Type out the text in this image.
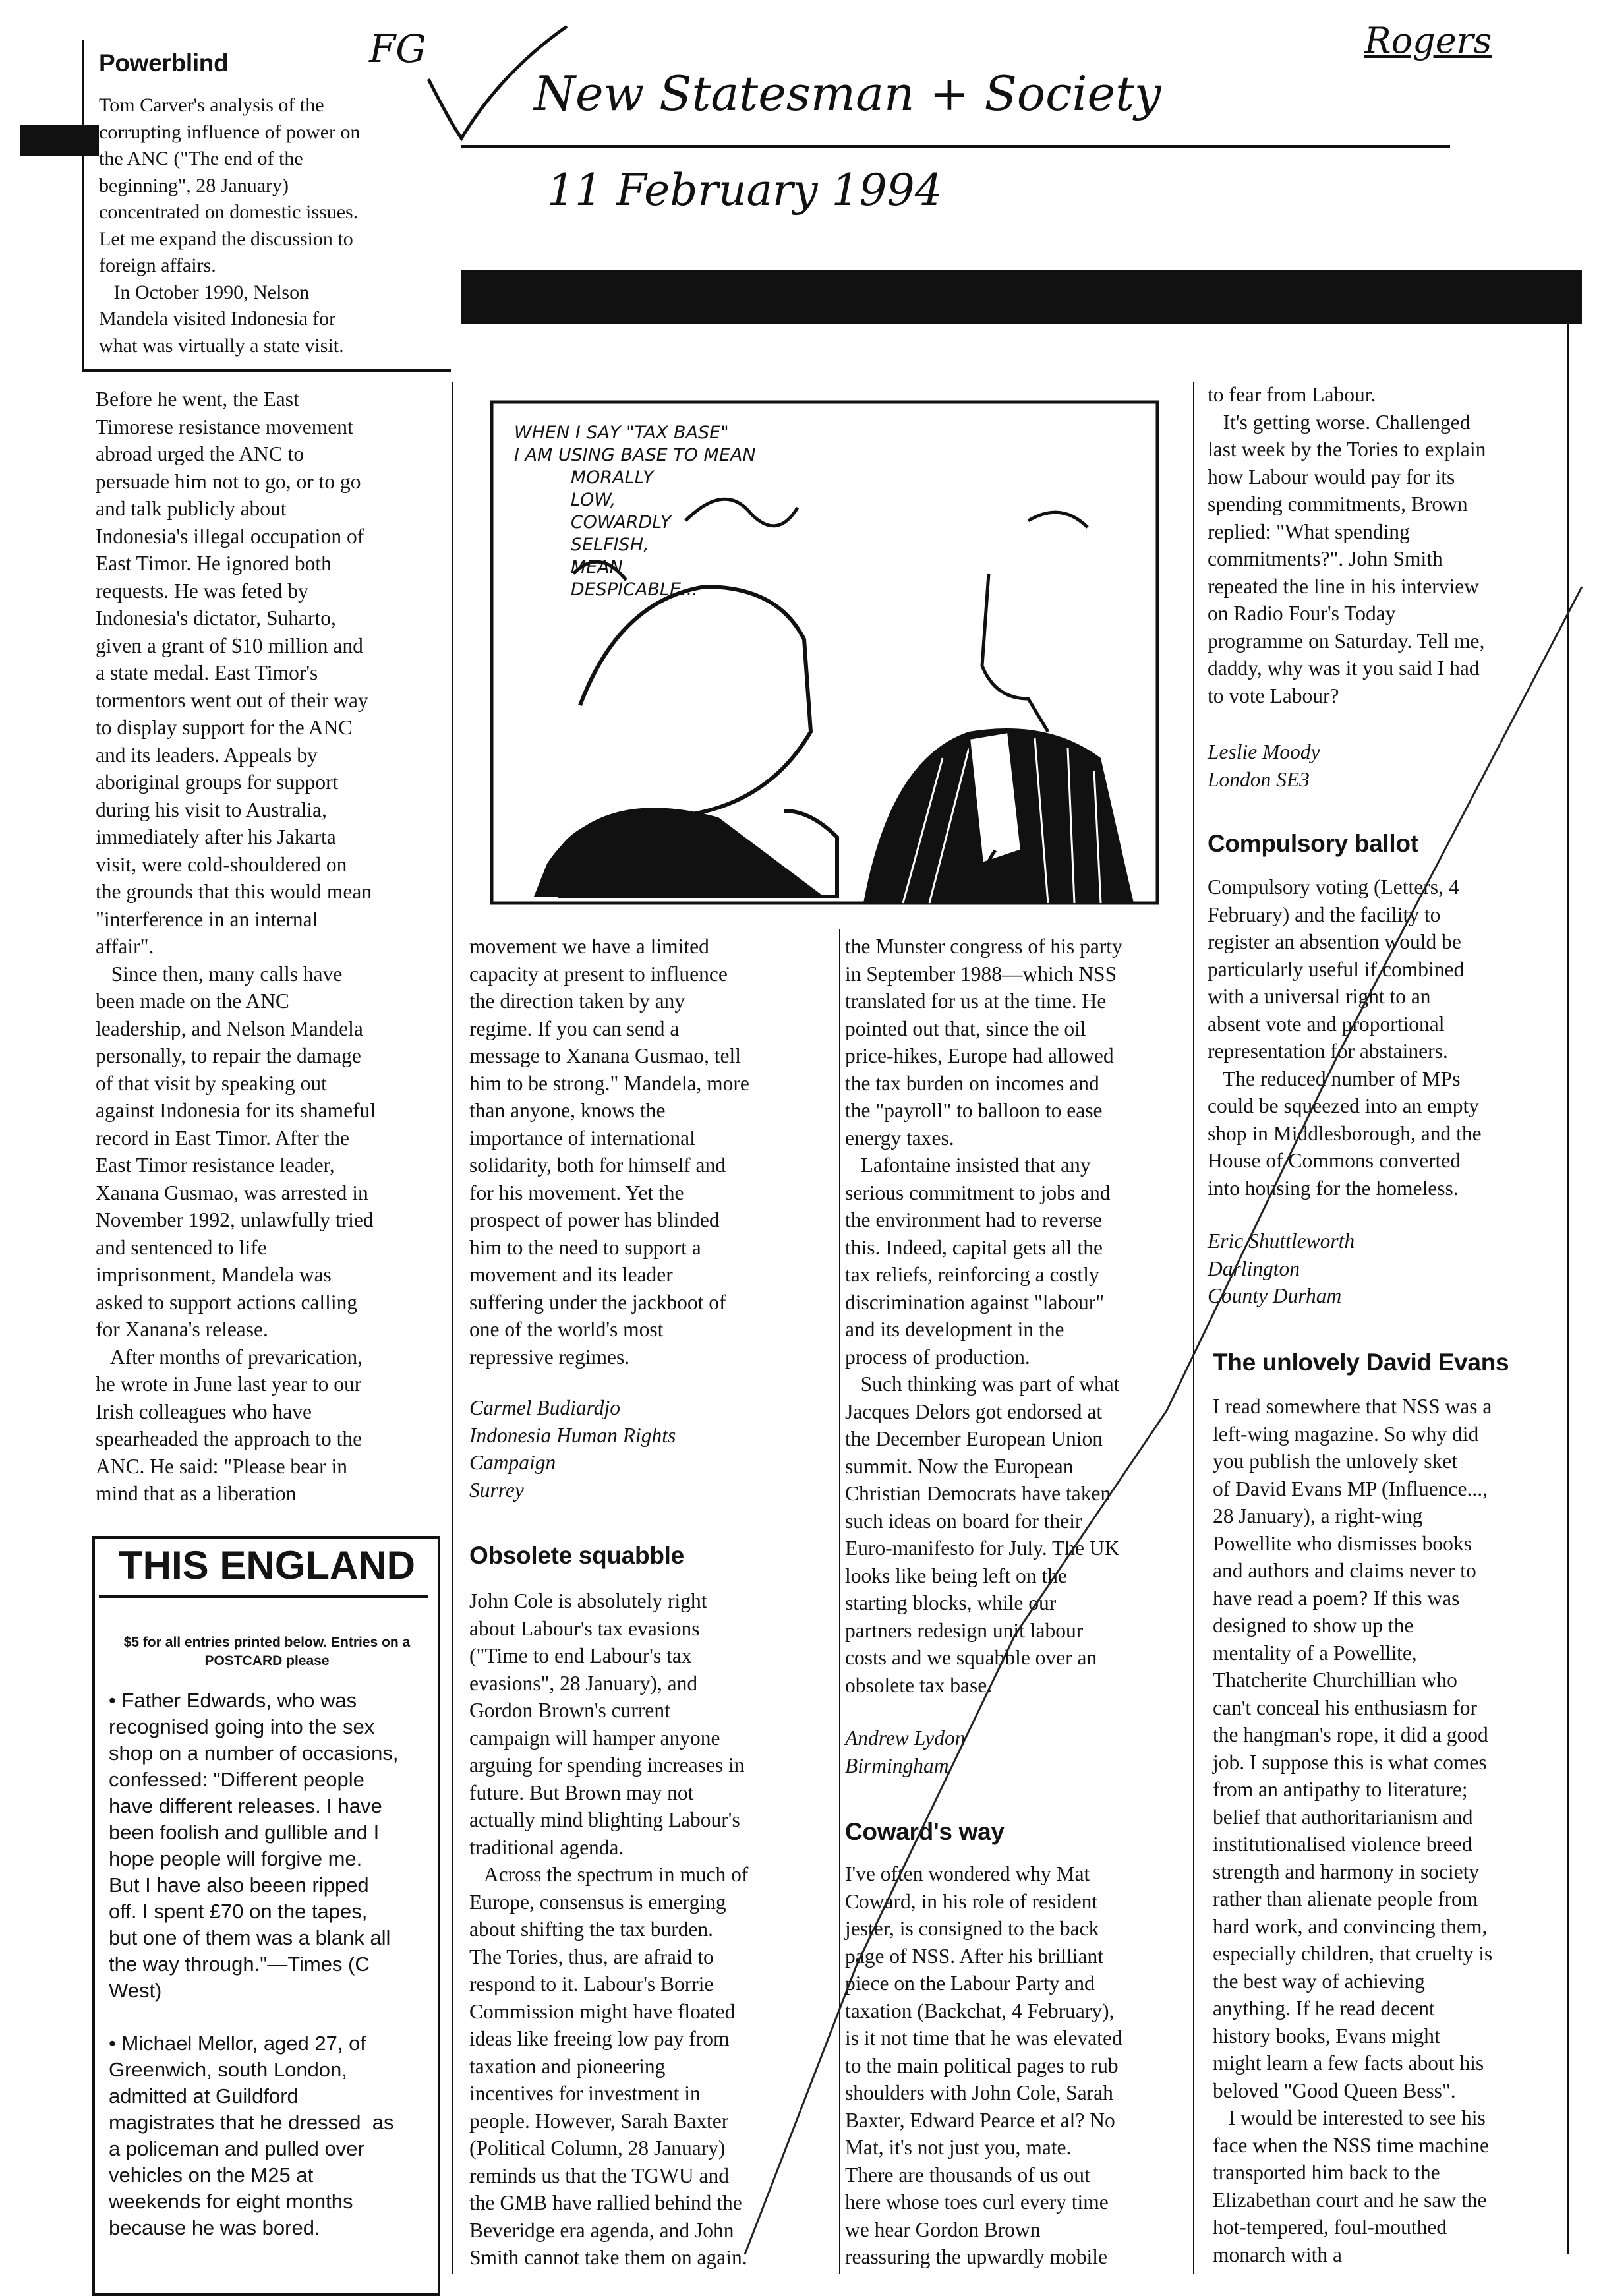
New Statesman + Society
11 February 1994
FG	Rogers
Powerblind
Tom Carver's analysis of the
corrupting influence of power on
the ANC ("The end of the
beginning", 28 January)
concentrated on domestic issues.
Let me expand the discussion to
foreign affairs.
In October 1990, Nelson
Mandela visited Indonesia for
what was virtually a state visit.
Before he went, the East
Timorese resistance movement
abroad urged the ANC to
persuade him not to go, or to go
and talk publicly about
Indonesia's illegal occupation of
East Timor. He ignored both
requests. He was feted by
Indonesia's dictator, Suharto,
given a grant of $10 million and
a state medal. East Timor's
tormentors went out of their way
to display support for the ANC
and its leaders. Appeals by
aboriginal groups for support
during his visit to Australia,
immediately after his Jakarta
visit, were cold-shouldered on
the grounds that this would mean
"interference in an internal
affair".
Since then, many calls have
been made on the ANC
leadership, and Nelson Mandela
personally, to repair the damage
of that visit by speaking out
against Indonesia for its shameful
record in East Timor. After the
East Timor resistance leader,
Xanana Gusmao, was arrested in
November 1992, unlawfully tried
and sentenced to life
imprisonment, Mandela was
asked to support actions calling
for Xanana's release.
After months of prevarication,
he wrote in June last year to our
Irish colleagues who have
spearheaded the approach to the
ANC. He said: "Please bear in
mind that as a liberation
WHEN I SAY "TAX BASE"
I AM USING BASE TO MEAN
MORALLY
LOW,
COWARDLY
SELFISH,
MEAN
DESPICABLE...
movement we have a limited
capacity at present to influence
the direction taken by any
regime. If you can send a
message to Xanana Gusmao, tell
him to be strong." Mandela, more
than anyone, knows the
importance of international
solidarity, both for himself and
for his movement. Yet the
prospect of power has blinded
him to the need to support a
movement and its leader
suffering under the jackboot of
one of the world's most
repressive regimes.
Carmel Budiardjo
Indonesia Human Rights
Campaign
Surrey
Obsolete squabble
John Cole is absolutely right
about Labour's tax evasions
("Time to end Labour's tax
evasions", 28 January), and
Gordon Brown's current
campaign will hamper anyone
arguing for spending increases in
future. But Brown may not
actually mind blighting Labour's
traditional agenda.
Across the spectrum in much of
Europe, consensus is emerging
about shifting the tax burden.
The Tories, thus, are afraid to
respond to it. Labour's Borrie
Commission might have floated
ideas like freeing low pay from
taxation and pioneering
incentives for investment in
people. However, Sarah Baxter
(Political Column, 28 January)
reminds us that the TGWU and
the GMB have rallied behind the
Beveridge era agenda, and John
Smith cannot take them on again.
the Munster congress of his party
in September 1988—which NSS
translated for us at the time. He
pointed out that, since the oil
price-hikes, Europe had allowed
the tax burden on incomes and
the "payroll" to balloon to ease
energy taxes.
Lafontaine insisted that any
serious commitment to jobs and
the environment had to reverse
this. Indeed, capital gets all the
tax reliefs, reinforcing a costly
discrimination against "labour"
and its development in the
process of production.
Such thinking was part of what
Jacques Delors got endorsed at
the December European Union
summit. Now the European
Christian Democrats have taken
such ideas on board for their
Euro-manifesto for July. The UK
looks like being left on the
starting blocks, while our
partners redesign unit labour
costs and we squabble over an
obsolete tax base.
Andrew Lydon
Birmingham
Coward's way
I've often wondered why Mat
Coward, in his role of resident
jester, is consigned to the back
page of NSS. After his brilliant
piece on the Labour Party and
taxation (Backchat, 4 February),
is it not time that he was elevated
to the main political pages to rub
shoulders with John Cole, Sarah
Baxter, Edward Pearce et al? No
Mat, it's not just you, mate.
There are thousands of us out
here whose toes curl every time
we hear Gordon Brown
reassuring the upwardly mobile
to fear from Labour.
It's getting worse. Challenged
last week by the Tories to explain
how Labour would pay for its
spending commitments, Brown
replied: "What spending
commitments?". John Smith
repeated the line in his interview
on Radio Four's Today
programme on Saturday. Tell me,
daddy, why was it you said I had
to vote Labour?
Leslie Moody
London SE3
Compulsory ballot
Compulsory voting (Letters, 4
February) and the facility to
register an absention would be
particularly useful if combined
with a universal right to an
absent vote and proportional
representation for abstainers.
The reduced number of MPs
could be squeezed into an empty
shop in Middlesborough, and the
House of Commons converted
into housing for the homeless.
Eric Shuttleworth
Darlington
County Durham
The unlovely David Evans
I read somewhere that NSS was a
left-wing magazine. So why did
you publish the unlovely sket
of David Evans MP (Influence...,
28 January), a right-wing
Powellite who dismisses books
and authors and claims never to
have read a poem? If this was
designed to show up the
mentality of a Powellite,
Thatcherite Churchillian who
can't conceal his enthusiasm for
the hangman's rope, it did a good
job. I suppose this is what comes
from an antipathy to literature;
belief that authoritarianism and
institutionalised violence breed
strength and harmony in society
rather than alienate people from
hard work, and convincing them,
especially children, that cruelty is
the best way of achieving
anything. If he read decent
history books, Evans might
might learn a few facts about his
beloved "Good Queen Bess".
I would be interested to see his
face when the NSS time machine
transported him back to the
Elizabethan court and he saw the
hot-tempered, foul-mouthed
monarch with a
THIS ENGLAND
$5 for all entries printed below. Entries on a
POSTCARD please
• Father Edwards, who was
recognised going into the sex
shop on a number of occasions,
confessed: "Different people
have different releases. I have
been foolish and gullible and I
hope people will forgive me.
But I have also beeen ripped
off. I spent £70 on the tapes,
but one of them was a blank all
the way through."—Times (C
West)

• Michael Mellor, aged 27, of
Greenwich, south London,
admitted at Guildford
magistrates that he dressed  as
a policeman and pulled over
vehicles on the M25 at
weekends for eight months
because he was bored.
